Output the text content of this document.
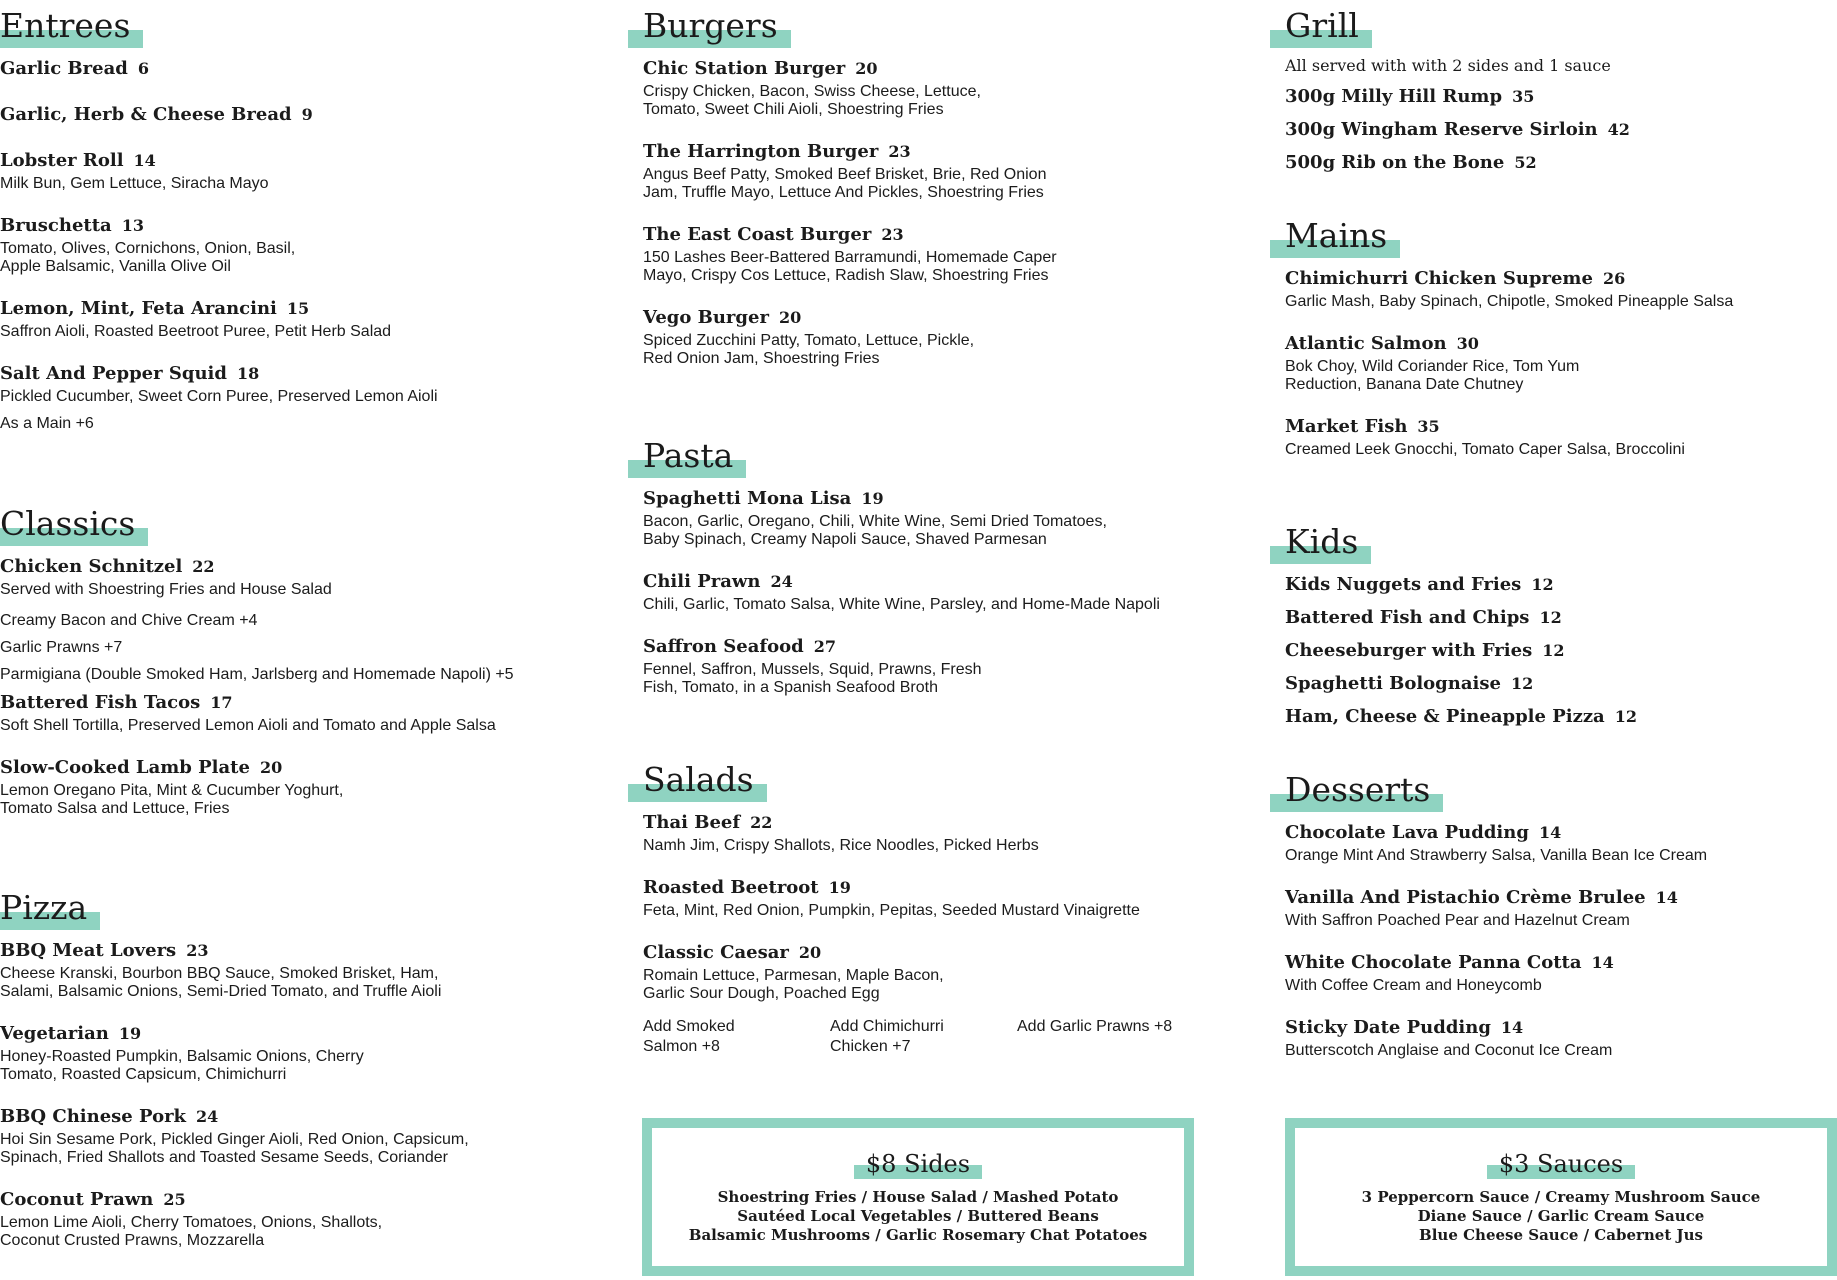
Entrees
Garlic Bread 6
Garlic, Herb & Cheese Bread 9
Lobster Roll 14
Milk Bun, Gem Lettuce, Siracha Mayo
Bruschetta 13
Tomato, Olives, Cornichons, Onion, Basil,
Apple Balsamic, Vanilla Olive Oil
Lemon, Mint, Feta Arancini 15
Saffron Aioli, Roasted Beetroot Puree, Petit Herb Salad
Salt And Pepper Squid 18
Pickled Cucumber, Sweet Corn Puree, Preserved Lemon Aioli
As a Main +6
Classics
Chicken Schnitzel 22
Served with Shoestring Fries and House Salad
Creamy Bacon and Chive Cream +4
Garlic Prawns +7
Parmigiana (Double Smoked Ham, Jarlsberg and Homemade Napoli) +5
Battered Fish Tacos 17
Soft Shell Tortilla, Preserved Lemon Aioli and Tomato and Apple Salsa
Slow-Cooked Lamb Plate 20
Lemon Oregano Pita, Mint & Cucumber Yoghurt,
Tomato Salsa and Lettuce, Fries
Pizza
BBQ Meat Lovers 23
Cheese Kranski, Bourbon BBQ Sauce, Smoked Brisket, Ham,
Salami, Balsamic Onions, Semi-Dried Tomato, and Truffle Aioli
Vegetarian 19
Honey-Roasted Pumpkin, Balsamic Onions, Cherry
Tomato, Roasted Capsicum, Chimichurri
BBQ Chinese Pork 24
Hoi Sin Sesame Pork, Pickled Ginger Aioli, Red Onion, Capsicum,
Spinach, Fried Shallots and Toasted Sesame Seeds, Coriander
Coconut Prawn 25
Lemon Lime Aioli, Cherry Tomatoes, Onions, Shallots,
Coconut Crusted Prawns, Mozzarella
Burgers
Chic Station Burger 20
Crispy Chicken, Bacon, Swiss Cheese, Lettuce,
Tomato, Sweet Chili Aioli, Shoestring Fries
The Harrington Burger 23
Angus Beef Patty, Smoked Beef Brisket, Brie, Red Onion
Jam, Truffle Mayo, Lettuce And Pickles, Shoestring Fries
The East Coast Burger 23
150 Lashes Beer-Battered Barramundi, Homemade Caper
Mayo, Crispy Cos Lettuce, Radish Slaw, Shoestring Fries
Vego Burger 20
Spiced Zucchini Patty, Tomato, Lettuce, Pickle,
Red Onion Jam, Shoestring Fries
Pasta
Spaghetti Mona Lisa 19
Bacon, Garlic, Oregano, Chili, White Wine, Semi Dried Tomatoes,
Baby Spinach, Creamy Napoli Sauce, Shaved Parmesan
Chili Prawn 24
Chili, Garlic, Tomato Salsa, White Wine, Parsley, and Home-Made Napoli
Saffron Seafood 27
Fennel, Saffron, Mussels, Squid, Prawns, Fresh
Fish, Tomato, in a Spanish Seafood Broth
Salads
Thai Beef 22
Namh Jim, Crispy Shallots, Rice Noodles, Picked Herbs
Roasted Beetroot 19
Feta, Mint, Red Onion, Pumpkin, Pepitas, Seeded Mustard Vinaigrette
Classic Caesar 20
Romain Lettuce, Parmesan, Maple Bacon,
Garlic Sour Dough, Poached Egg
Add Smoked
Salmon +8
Add Chimichurri
Chicken +7
Add Garlic Prawns +8
$8 Sides
Shoestring Fries / House Salad / Mashed Potato
Sautéed Local Vegetables / Buttered Beans
Balsamic Mushrooms / Garlic Rosemary Chat Potatoes
Grill
All served with with 2 sides and 1 sauce
300g Milly Hill Rump 35
300g Wingham Reserve Sirloin 42
500g Rib on the Bone 52
Mains
Chimichurri Chicken Supreme 26
Garlic Mash, Baby Spinach, Chipotle, Smoked Pineapple Salsa
Atlantic Salmon 30
Bok Choy, Wild Coriander Rice, Tom Yum
Reduction, Banana Date Chutney
Market Fish 35
Creamed Leek Gnocchi, Tomato Caper Salsa, Broccolini
Kids
Kids Nuggets and Fries 12
Battered Fish and Chips 12
Cheeseburger with Fries 12
Spaghetti Bolognaise 12
Ham, Cheese & Pineapple Pizza 12
Desserts
Chocolate Lava Pudding 14
Orange Mint And Strawberry Salsa, Vanilla Bean Ice Cream
Vanilla And Pistachio Crème Brulee 14
With Saffron Poached Pear and Hazelnut Cream
White Chocolate Panna Cotta 14
With Coffee Cream and Honeycomb
Sticky Date Pudding 14
Butterscotch Anglaise and Coconut Ice Cream
$3 Sauces
3 Peppercorn Sauce / Creamy Mushroom Sauce
Diane Sauce / Garlic Cream Sauce
Blue Cheese Sauce / Cabernet Jus
